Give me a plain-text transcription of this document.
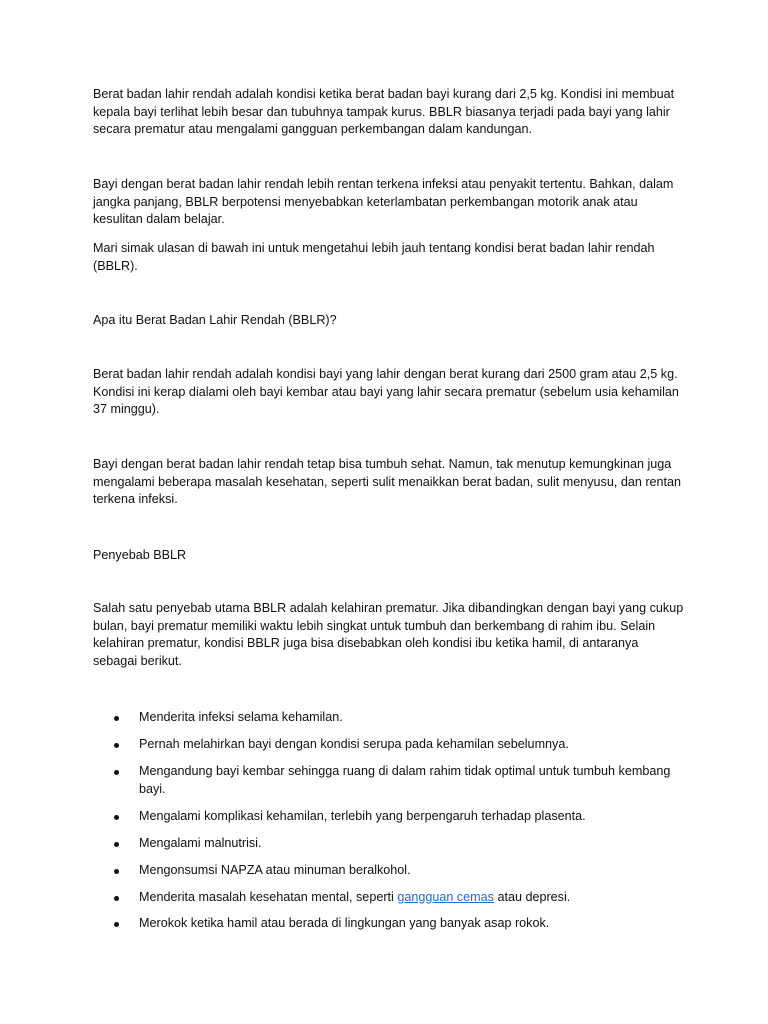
Berat badan lahir rendah adalah kondisi ketika berat badan bayi kurang dari 2,5 kg. Kondisi ini membuat kepala bayi terlihat lebih besar dan tubuhnya tampak kurus. BBLR biasanya terjadi pada bayi yang lahir secara prematur atau mengalami gangguan perkembangan dalam kandungan.

Bayi dengan berat badan lahir rendah lebih rentan terkena infeksi atau penyakit tertentu. Bahkan, dalam jangka panjang, BBLR berpotensi menyebabkan keterlambatan perkembangan motorik anak atau kesulitan dalam belajar.

Mari simak ulasan di bawah ini untuk mengetahui lebih jauh tentang kondisi berat badan lahir rendah (BBLR).

Apa itu Berat Badan Lahir Rendah (BBLR)?

Berat badan lahir rendah adalah kondisi bayi yang lahir dengan berat kurang dari 2500 gram atau 2,5 kg. Kondisi ini kerap dialami oleh bayi kembar atau bayi yang lahir secara prematur (sebelum usia kehamilan 37 minggu).

Bayi dengan berat badan lahir rendah tetap bisa tumbuh sehat. Namun, tak menutup kemungkinan juga mengalami beberapa masalah kesehatan, seperti sulit menaikkan berat badan, sulit menyusu, dan rentan terkena infeksi.

Penyebab BBLR

Salah satu penyebab utama BBLR adalah kelahiran prematur. Jika dibandingkan dengan bayi yang cukup bulan, bayi prematur memiliki waktu lebih singkat untuk tumbuh dan berkembang di rahim ibu. Selain kelahiran prematur, kondisi BBLR juga bisa disebabkan oleh kondisi ibu ketika hamil, di antaranya sebagai berikut.

Menderita infeksi selama kehamilan.
Pernah melahirkan bayi dengan kondisi serupa pada kehamilan sebelumnya.
Mengandung bayi kembar sehingga ruang di dalam rahim tidak optimal untuk tumbuh kembang bayi.
Mengalami komplikasi kehamilan, terlebih yang berpengaruh terhadap plasenta.
Mengalami malnutrisi.
Mengonsumsi NAPZA atau minuman beralkohol.
Menderita masalah kesehatan mental, seperti gangguan cemas atau depresi.
Merokok ketika hamil atau berada di lingkungan yang banyak asap rokok.
